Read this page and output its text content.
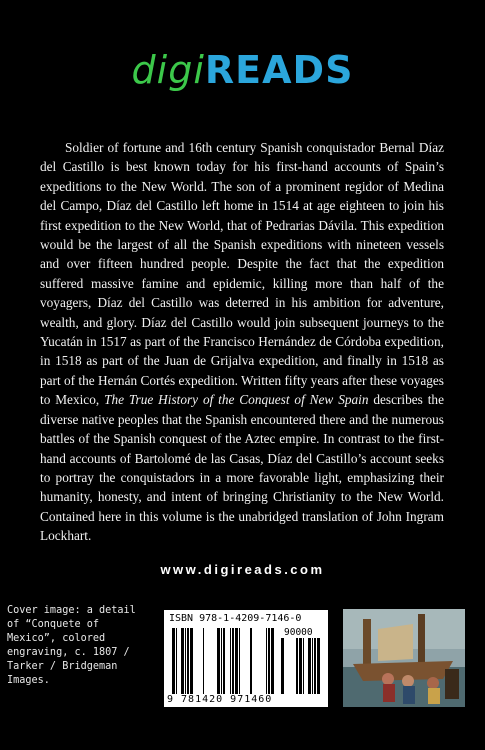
digiREADS

Soldier of fortune and 16th century Spanish conquistador Bernal Díaz del Castillo is best known today for his first-hand accounts of Spain’s expeditions to the New World. The son of a prominent regidor of Medina del Campo, Díaz del Castillo left home in 1514 at age eighteen to join his first expedition to the New World, that of Pedrarias Dávila. This expedition would be the largest of all the Spanish expeditions with nineteen vessels and over fifteen hundred people. Despite the fact that the expedition suffered massive famine and epidemic, killing more than half of the voyagers, Díaz del Castillo was deterred in his ambition for adventure, wealth, and glory. Díaz del Castillo would join subsequent journeys to the Yucatán in 1517 as part of the Francisco Hernández de Córdoba expedition, in 1518 as part of the Juan de Grijalva expedition, and finally in 1518 as part of the Hernán Cortés expedition. Written fifty years after these voyages to Mexico, The True History of the Conquest of New Spain describes the diverse native peoples that the Spanish encountered there and the numerous battles of the Spanish conquest of the Aztec empire. In contrast to the first-hand accounts of Bartolomé de las Casas, Díaz del Castillo’s account seeks to portray the conquistadors in a more favorable light, emphasizing their humanity, honesty, and intent of bringing Christianity to the New World. Contained here in this volume is the unabridged translation of John Ingram Lockhart.

www.digireads.com

Cover image: a detail of “Conquete of Mexico”, colored engraving, c. 1807 / Tarker / Bridgeman Images.

ISBN 978-1-4209-7146-0
90000
9 781420 971460
